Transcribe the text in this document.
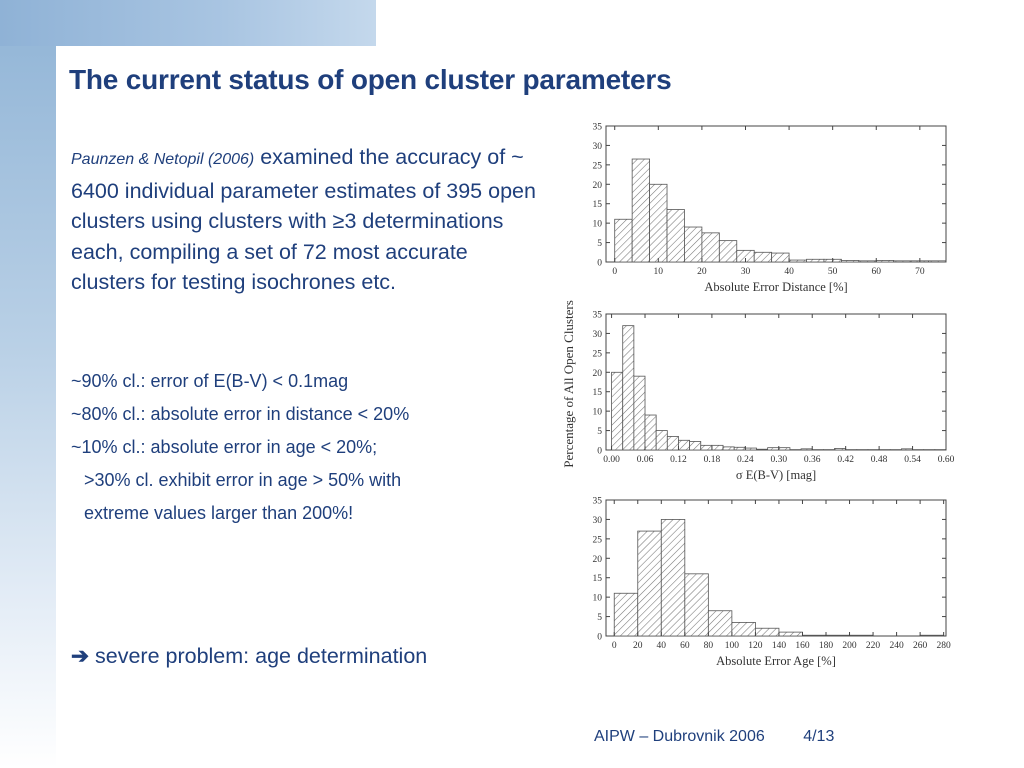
The current status of open cluster parameters
Paunzen & Netopil (2006) examined the accuracy of ~ 6400 individual parameter estimates of 395 open clusters using clusters with ≥3 determinations each, compiling a set of 72 most accurate clusters for testing isochrones etc.
~90% cl.: error of E(B-V) < 0.1mag
~80% cl.: absolute error in distance < 20%
~10% cl.: absolute error in age < 20%;
>30% cl. exhibit error in age > 50% with
extreme values larger than 200%!
➔ severe problem: age determination
AIPW – Dubrovnik 2006 4/13
Percentage of All Open Clusters
0
5
10
15
20
25
30
35
0	10	20	30	40	50	60	70
Absolute Error Distance [%]
0
5
10
15
20
25
30
35
0.00 0.06 0.12 0.18 0.24 0.30 0.36 0.42 0.48 0.54 0.60
σ E(B-V) [mag]
0
5
10
15
20
25
30
35
0 20 40 60 80 100 120 140 160 180 200 220 240 260 280
Absolute Error Age [%]
